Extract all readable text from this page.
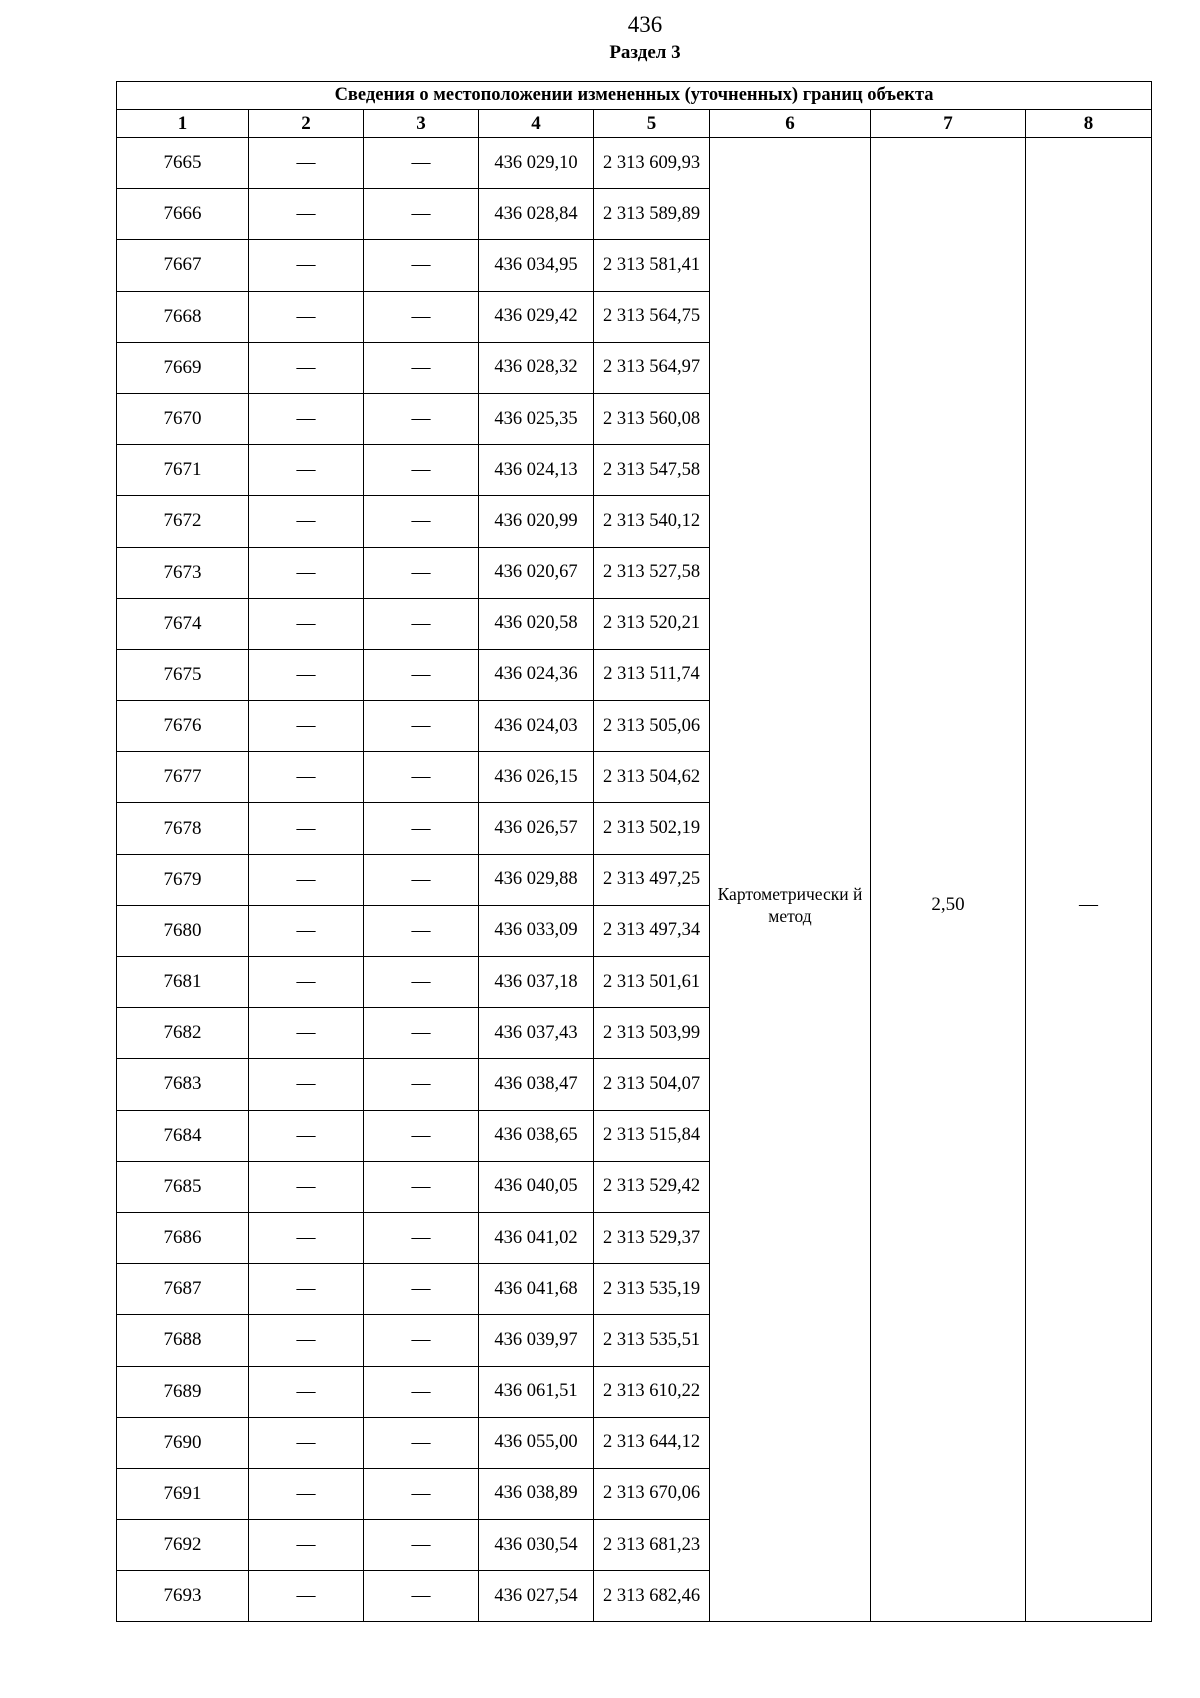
436
Раздел 3
Сведения о местоположении измененных (уточненных) границ объекта							
1	2	3	4	5	6	7	8
7665	—	—	436 029,10	2 313 609,93			
7666	—	—	436 028,84	2 313 589,89	Картометрически й метод	2,50	—
7667	—	—	436 034,95	2 313 581,41			
7668	—	—	436 029,42	2 313 564,75			
7669	—	—	436 028,32	2 313 564,97			
7670	—	—	436 025,35	2 313 560,08			
7671	—	—	436 024,13	2 313 547,58			
7672	—	—	436 020,99	2 313 540,12			
7673	—	—	436 020,67	2 313 527,58			
7674	—	—	436 020,58	2 313 520,21			
7675	—	—	436 024,36	2 313 511,74			
7676	—	—	436 024,03	2 313 505,06			
7677	—	—	436 026,15	2 313 504,62			
7678	—	—	436 026,57	2 313 502,19			
7679	—	—	436 029,88	2 313 497,25			
7680	—	—	436 033,09	2 313 497,34			
7681	—	—	436 037,18	2 313 501,61			
7682	—	—	436 037,43	2 313 503,99			
7683	—	—	436 038,47	2 313 504,07			
7684	—	—	436 038,65	2 313 515,84			
7685	—	—	436 040,05	2 313 529,42			
7686	—	—	436 041,02	2 313 529,37			
7687	—	—	436 041,68	2 313 535,19			
7688	—	—	436 039,97	2 313 535,51			
7689	—	—	436 061,51	2 313 610,22			
7690	—	—	436 055,00	2 313 644,12			
7691	—	—	436 038,89	2 313 670,06			
7692	—	—	436 030,54	2 313 681,23			
7693	—	—	436 027,54	2 313 682,46			
